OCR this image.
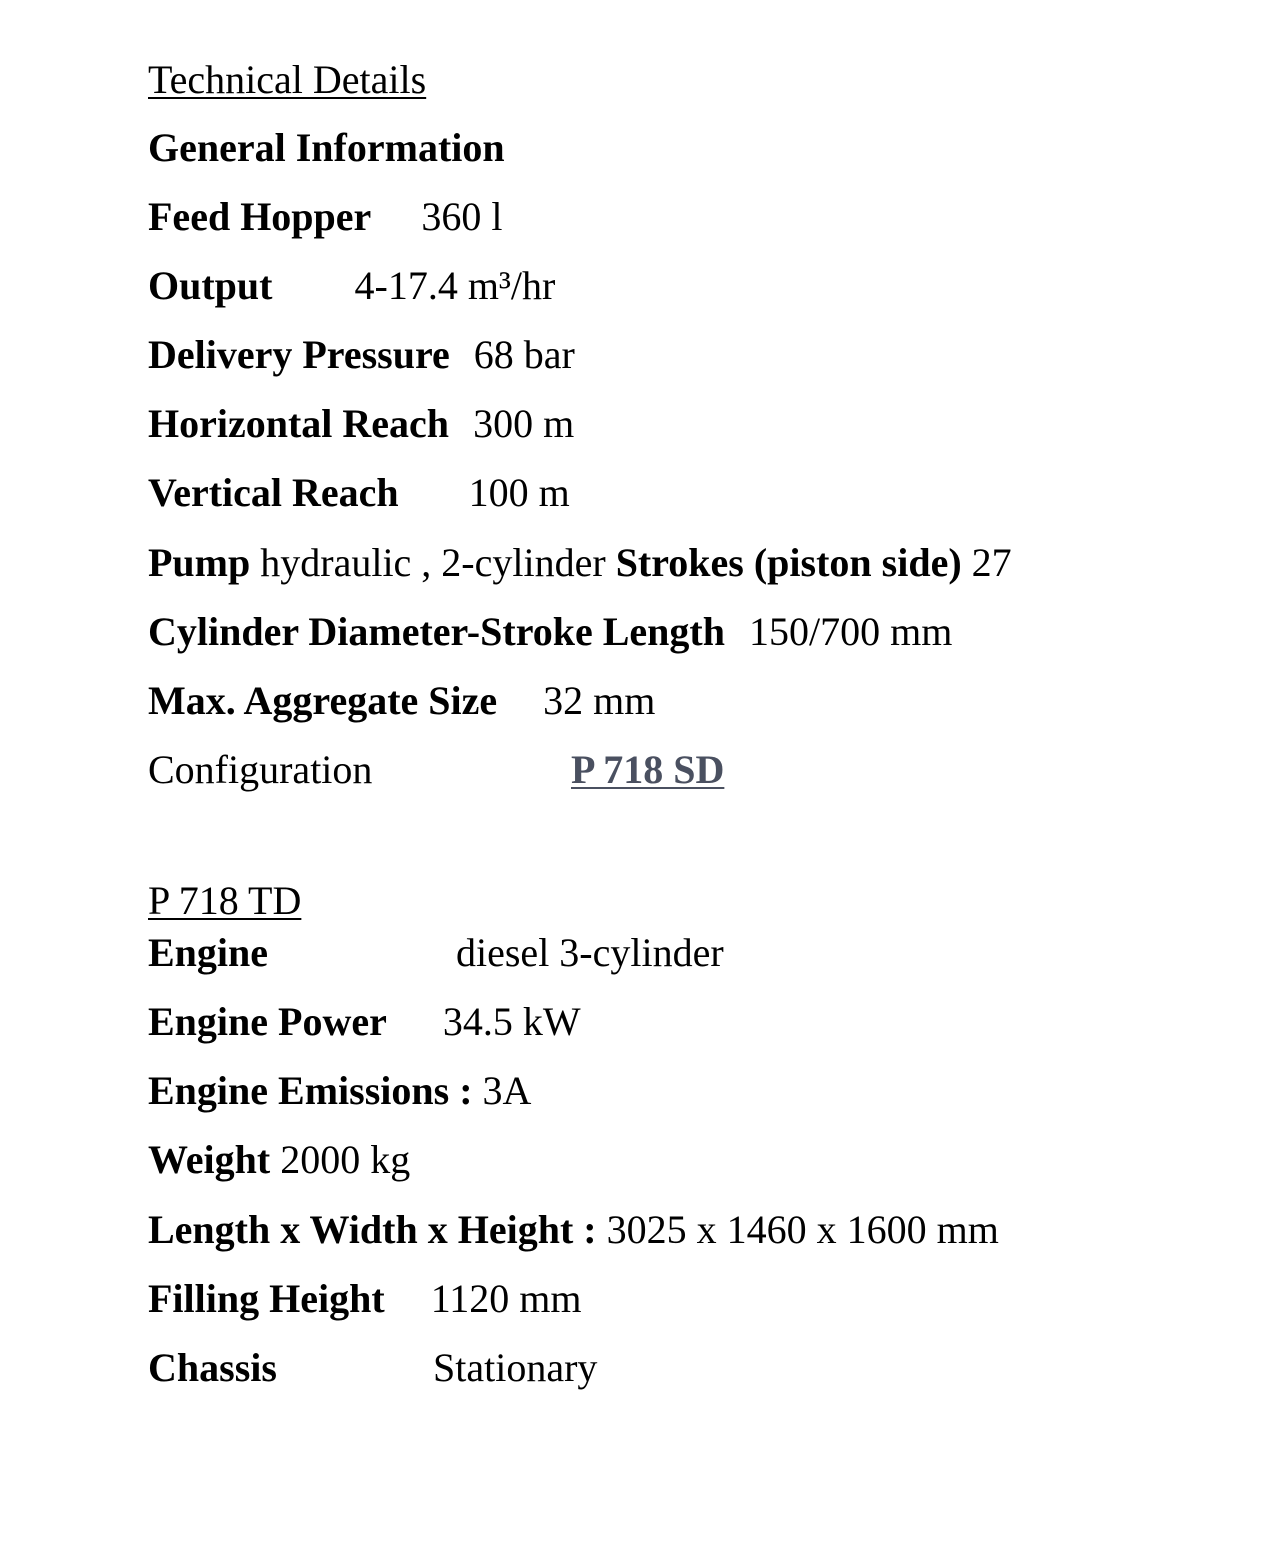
Technical Details
General Information
Feed Hopper 360 l
Output 4-17.4 m³/hr
Delivery Pressure 68 bar
Horizontal Reach 300 m
Vertical Reach 100 m
Pump hydraulic , 2-cylinder Strokes (piston side) 27
Cylinder Diameter-Stroke Length 150/700 mm
Max. Aggregate Size 32 mm
Configuration	P 718 SD
P 718 TD
Engine	diesel 3-cylinder
Engine Power 34.5 kW
Engine Emissions : 3A
Weight 2000 kg
Length x Width x Height : 3025 x 1460 x 1600 mm
Filling Height 1120 mm
Chassis	Stationary
